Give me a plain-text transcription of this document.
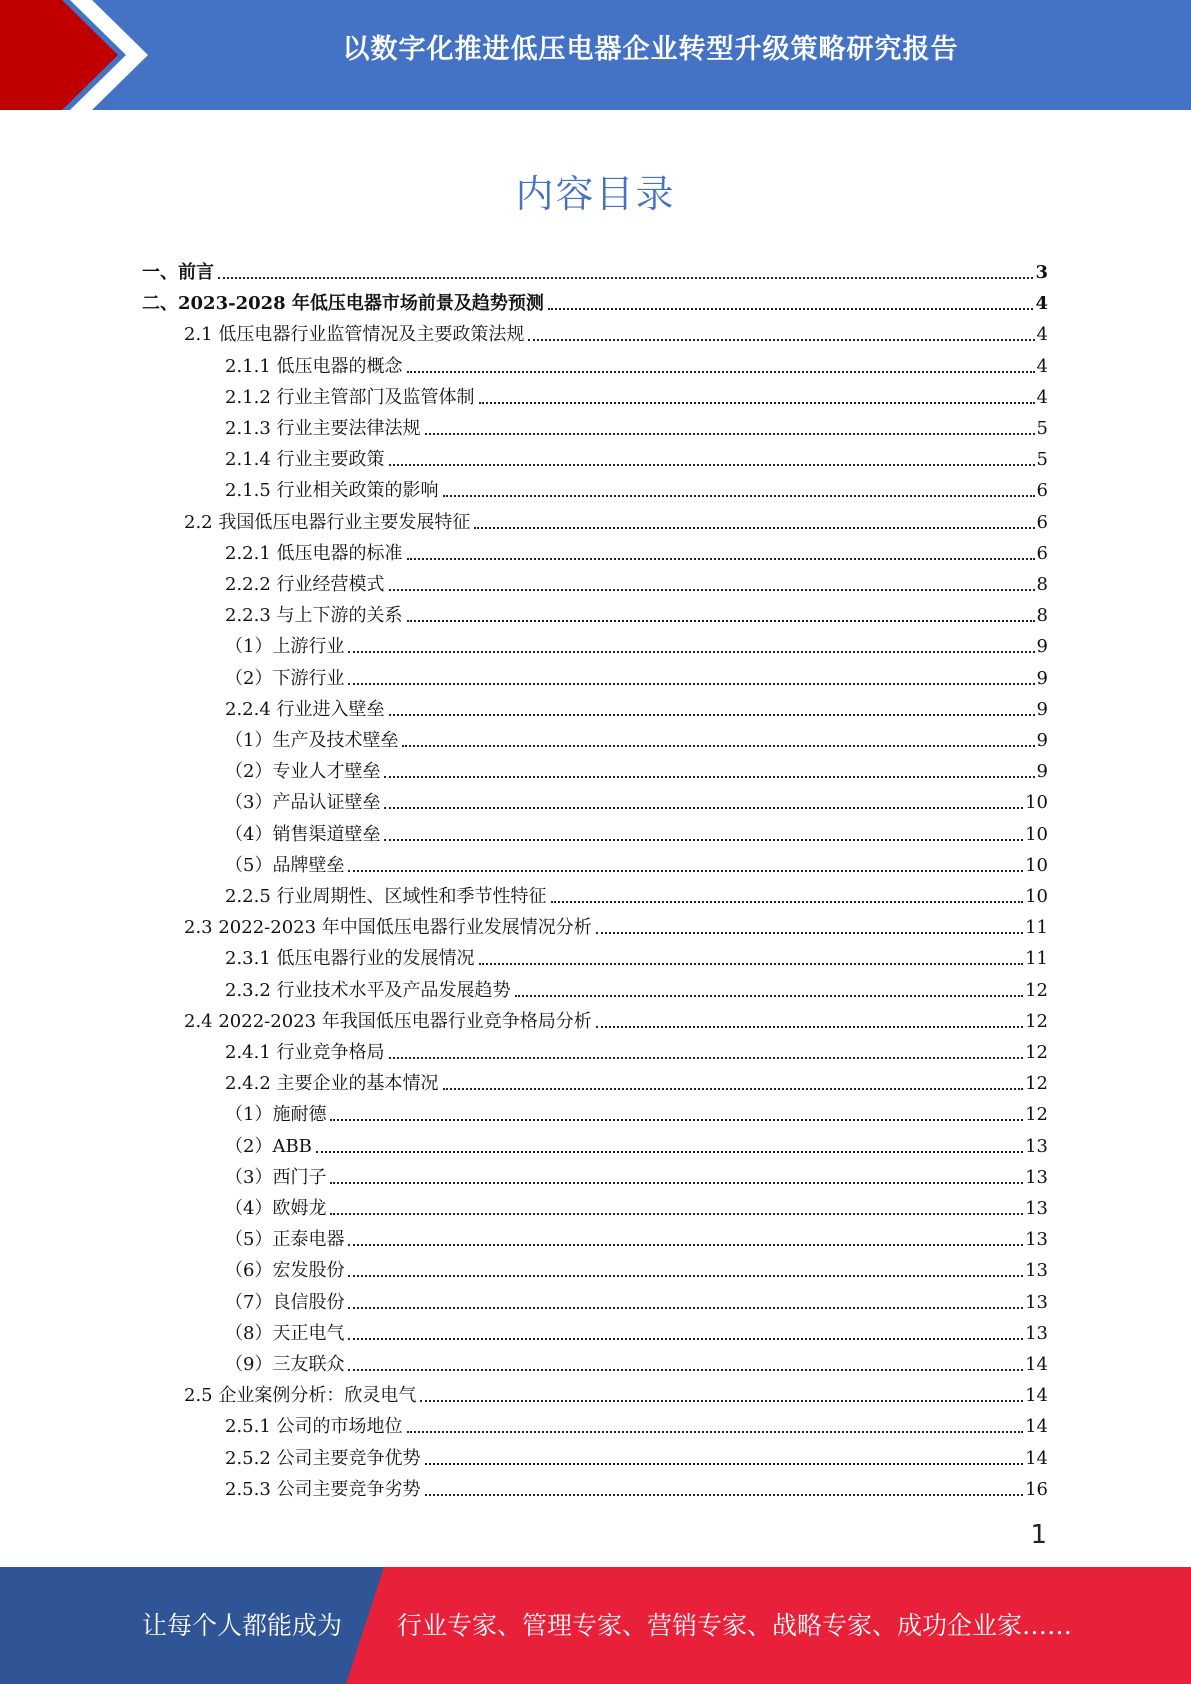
以数字化推进低压电器企业转型升级策略研究报告
内容目录
一、前言	3
二、2023-2028 年低压电器市场前景及趋势预测	4
2.1 低压电器行业监管情况及主要政策法规	4
2.1.1 低压电器的概念	4
2.1.2 行业主管部门及监管体制	4
2.1.3 行业主要法律法规	5
2.1.4 行业主要政策	5
2.1.5 行业相关政策的影响	6
2.2 我国低压电器行业主要发展特征	6
2.2.1 低压电器的标准	6
2.2.2 行业经营模式	8
2.2.3 与上下游的关系	8
（1）上游行业	9
（2）下游行业	9
2.2.4 行业进入壁垒	9
（1）生产及技术壁垒	9
（2）专业人才壁垒	9
（3）产品认证壁垒	10
（4）销售渠道壁垒	10
（5）品牌壁垒	10
2.2.5 行业周期性、区域性和季节性特征	10
2.3 2022-2023 年中国低压电器行业发展情况分析	11
2.3.1 低压电器行业的发展情况	11
2.3.2 行业技术水平及产品发展趋势	12
2.4 2022-2023 年我国低压电器行业竞争格局分析	12
2.4.1 行业竞争格局	12
2.4.2 主要企业的基本情况	12
（1）施耐德	12
（2）ABB	13
（3）西门子	13
（4）欧姆龙	13
（5）正泰电器	13
（6）宏发股份	13
（7）良信股份	13
（8）天正电气	13
（9）三友联众	14
2.5 企业案例分析：欣灵电气	14
2.5.1 公司的市场地位	14
2.5.2 公司主要竞争优势	14
2.5.3 公司主要竞争劣势	16
1
让每个人都能成为 行业专家、管理专家、营销专家、战略专家、成功企业家……
